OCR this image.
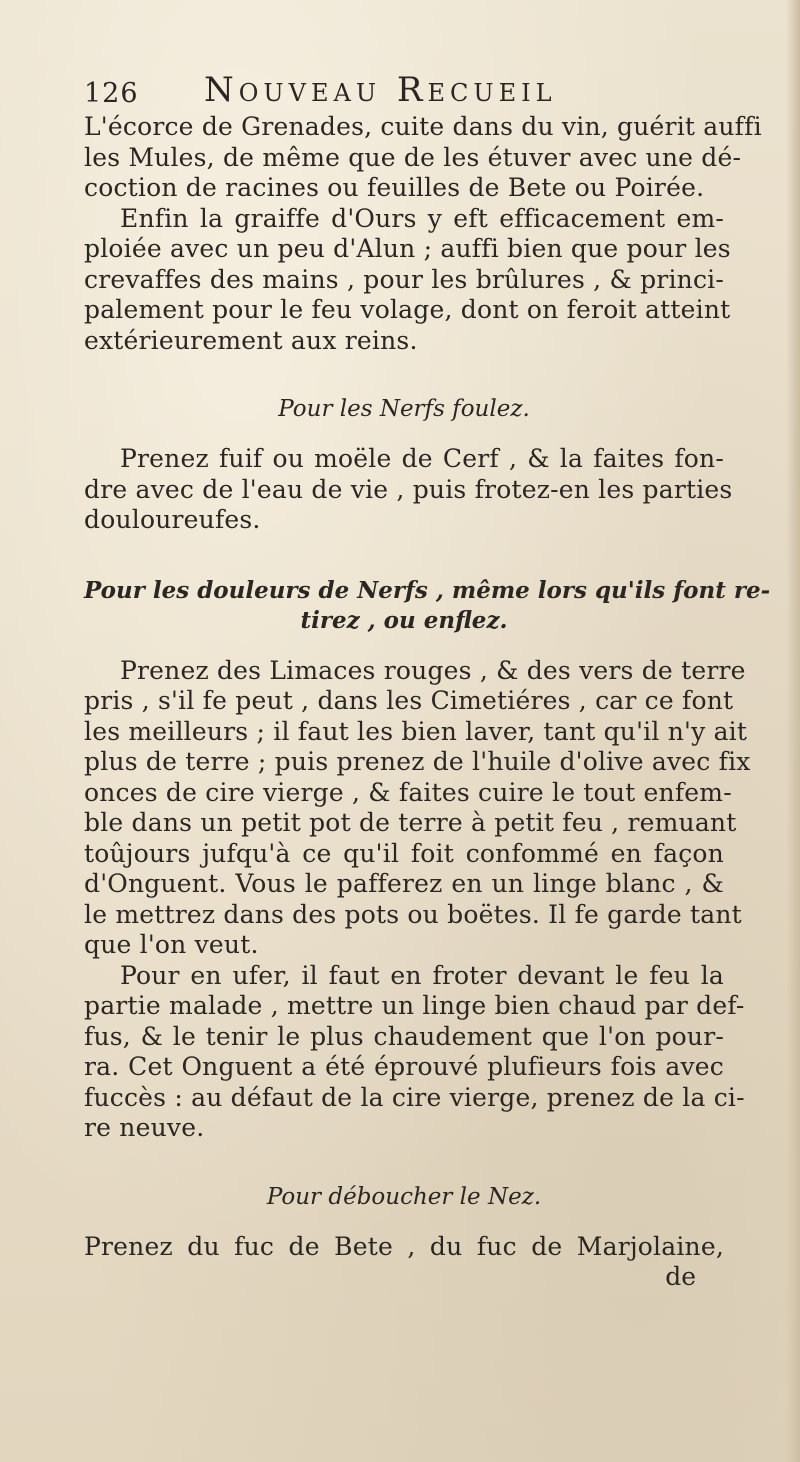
126 Nouveau Recueil
L'écorce de Grenades, cuite dans du vin, guérit auffi
les Mules, de même que de les étuver avec une dé-
coction de racines ou feuilles de Bete ou Poirée.
Enfin la graiffe d'Ours y eft efficacement em-
ploiée avec un peu d'Alun ; auffi bien que pour les
crevaffes des mains , pour les brûlures , & princi-
palement pour le feu volage, dont on feroit atteint
extérieurement aux reins.
Pour les Nerfs foulez.
Prenez fuif ou moële de Cerf , & la faites fon-
dre avec de l'eau de vie , puis frotez-en les parties
douloureufes.
Pour les douleurs de Nerfs , même lors qu'ils font re-
tirez , ou enflez.
Prenez des Limaces rouges , & des vers de terre
pris , s'il fe peut , dans les Cimetiéres , car ce font
les meilleurs ; il faut les bien laver, tant qu'il n'y ait
plus de terre ; puis prenez de l'huile d'olive avec fix
onces de cire vierge , & faites cuire le tout enfem-
ble dans un petit pot de terre à petit feu , remuant
toûjours jufqu'à ce qu'il foit confommé en façon
d'Onguent. Vous le pafferez en un linge blanc , &
le mettrez dans des pots ou boëtes. Il fe garde tant
que l'on veut.
Pour en ufer, il faut en froter devant le feu la
partie malade , mettre un linge bien chaud par def-
fus, & le tenir le plus chaudement que l'on pour-
ra. Cet Onguent a été éprouvé plufieurs fois avec
fuccès : au défaut de la cire vierge, prenez de la ci-
re neuve.
Pour déboucher le Nez.
Prenez du fuc de Bete , du fuc de Marjolaine,
de
